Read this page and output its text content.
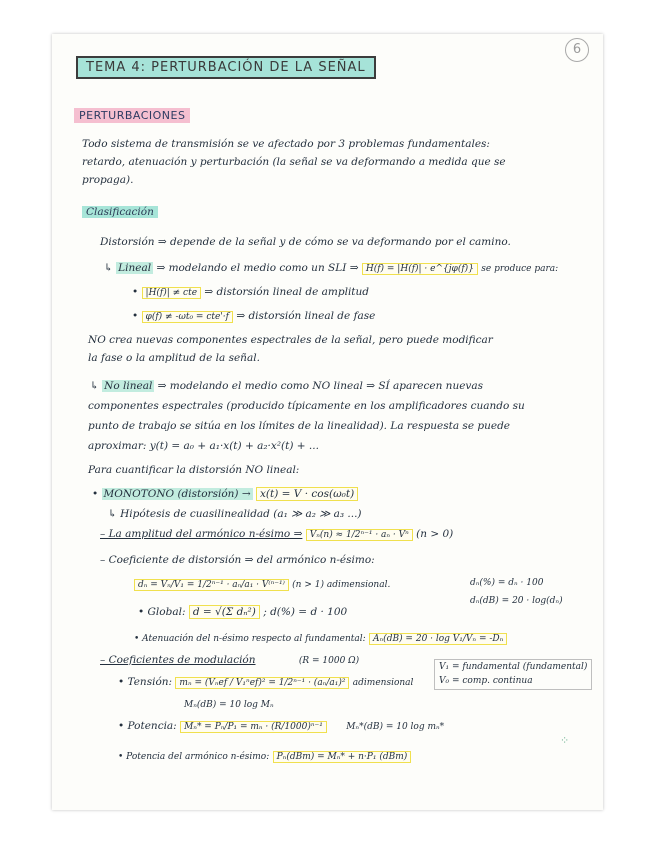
6
TEMA 4: PERTURBACIÓN DE LA SEÑAL
PERTURBACIONES
Todo sistema de transmisión se ve afectado por 3 problemas fundamentales:
retardo, atenuación y perturbación (la señal se va deformando a medida que se
propaga).
Clasificación
Distorsión ⇒ depende de la señal y de cómo se va deformando por el camino.
↳ Lineal ⇒ modelando el medio como un SLI ⇒ H(f) = |H(f)| · e^{jφ(f)} se produce para:
• |H(f)| ≠ cte ⇒ distorsión lineal de amplitud
• φ(f) ≠ -ωt₀ = cte'·f ⇒ distorsión lineal de fase
NO crea nuevas componentes espectrales de la señal, pero puede modificar
la fase o la amplitud de la señal.
↳ No lineal ⇒ modelando el medio como NO lineal ⇒ SÍ aparecen nuevas
componentes espectrales (producido típicamente en los amplificadores cuando su
punto de trabajo se sitúa en los límites de la linealidad). La respuesta se puede
aproximar: y(t) = a₀ + a₁·x(t) + a₂·x²(t) + ...
Para cuantificar la distorsión NO lineal:
• MONOTONO (distorsión) → x(t) = V · cos(ω₀t)
↳ Hipótesis de cuasilinealidad (a₁ ≫ a₂ ≫ a₃ ...)
– La amplitud del armónico n-ésimo ⇒ Vₙ(n) ≈ 1/2ⁿ⁻¹ · aₙ · Vⁿ (n > 0)
– Coeficiente de distorsión ⇒ del armónico n-ésimo:
dₙ = Vₙ/V₁ = 1/2ⁿ⁻¹ · aₙ/a₁ · V⁽ⁿ⁻¹⁾ (n > 1) adimensional.	dₙ(%) = dₙ · 100
dₙ(dB) = 20 · log(dₙ)
• Global: d = √(Σ dₙ²) ; d(%) = d · 100
• Atenuación del n-ésimo respecto al fundamental: Aₙ(dB) = 20 · log V₁/Vₙ = -Dₙ
– Coeficientes de modulación	(R = 1000 Ω)
V₁ = fundamental (fundamental)
V₀ = comp. continua
• Tensión: mₙ = (Vₙef / V₁ⁿef)² = 1/2ⁿ⁻¹ · (aₙ/a₁)² adimensional
Mₙ(dB) = 10 log Mₙ
• Potencia: Mₙ* = Pₙ/P₁ = mₙ · (R/1000)ⁿ⁻¹	Mₙ*(dB) = 10 log mₙ*
• Potencia del armónico n-ésimo: Pₙ(dBm) = Mₙ* + n·P₁ (dBm)
⁘
